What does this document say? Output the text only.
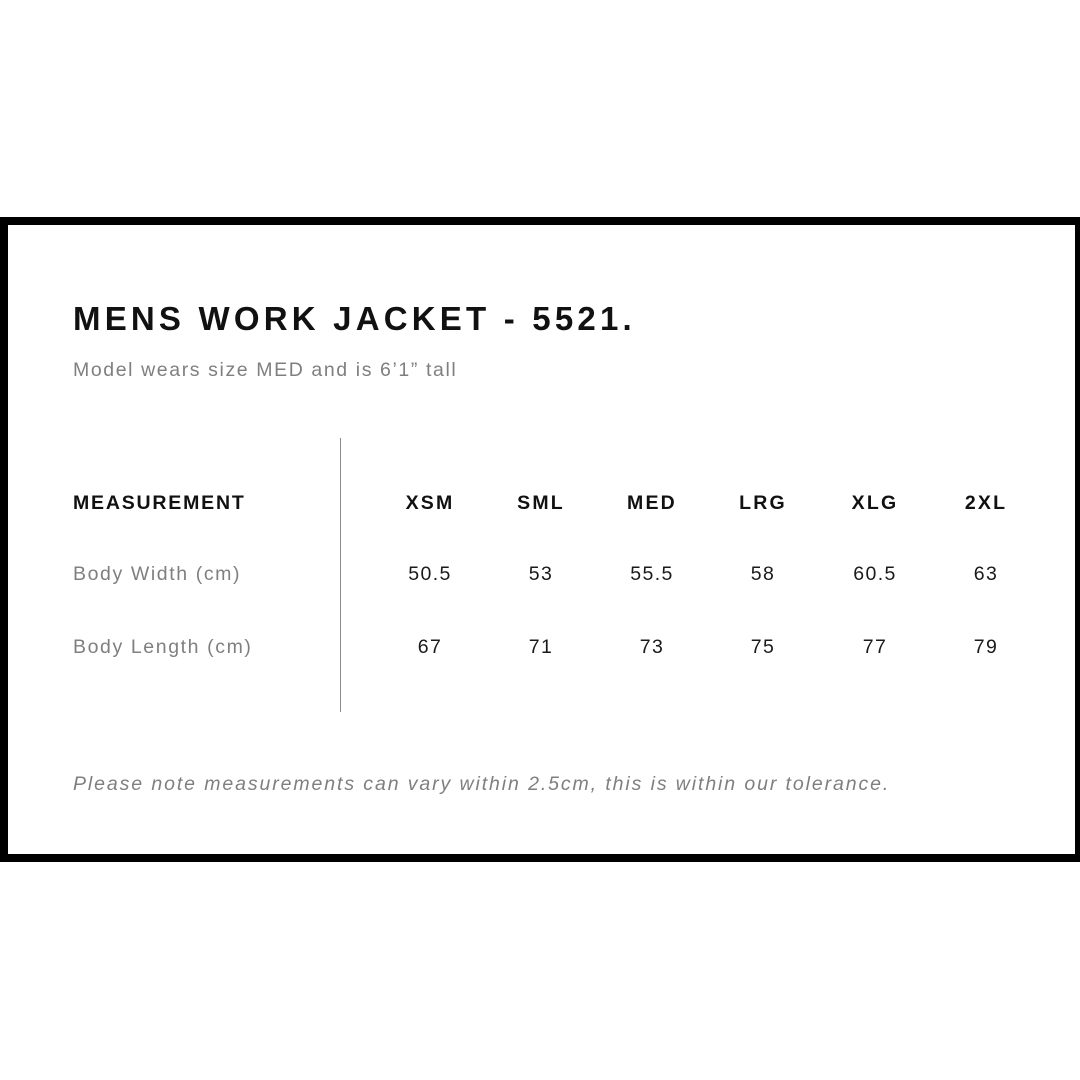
MENS WORK JACKET - 5521.
Model wears size MED and is 6’1” tall
MEASUREMENT	XSM	SML	MED	LRG	XLG	2XL
Body Width (cm)	50.5	53	55.5	58	60.5	63
Body Length (cm)	67	71	73	75	77	79
Please note measurements can vary within 2.5cm, this is within our tolerance.
